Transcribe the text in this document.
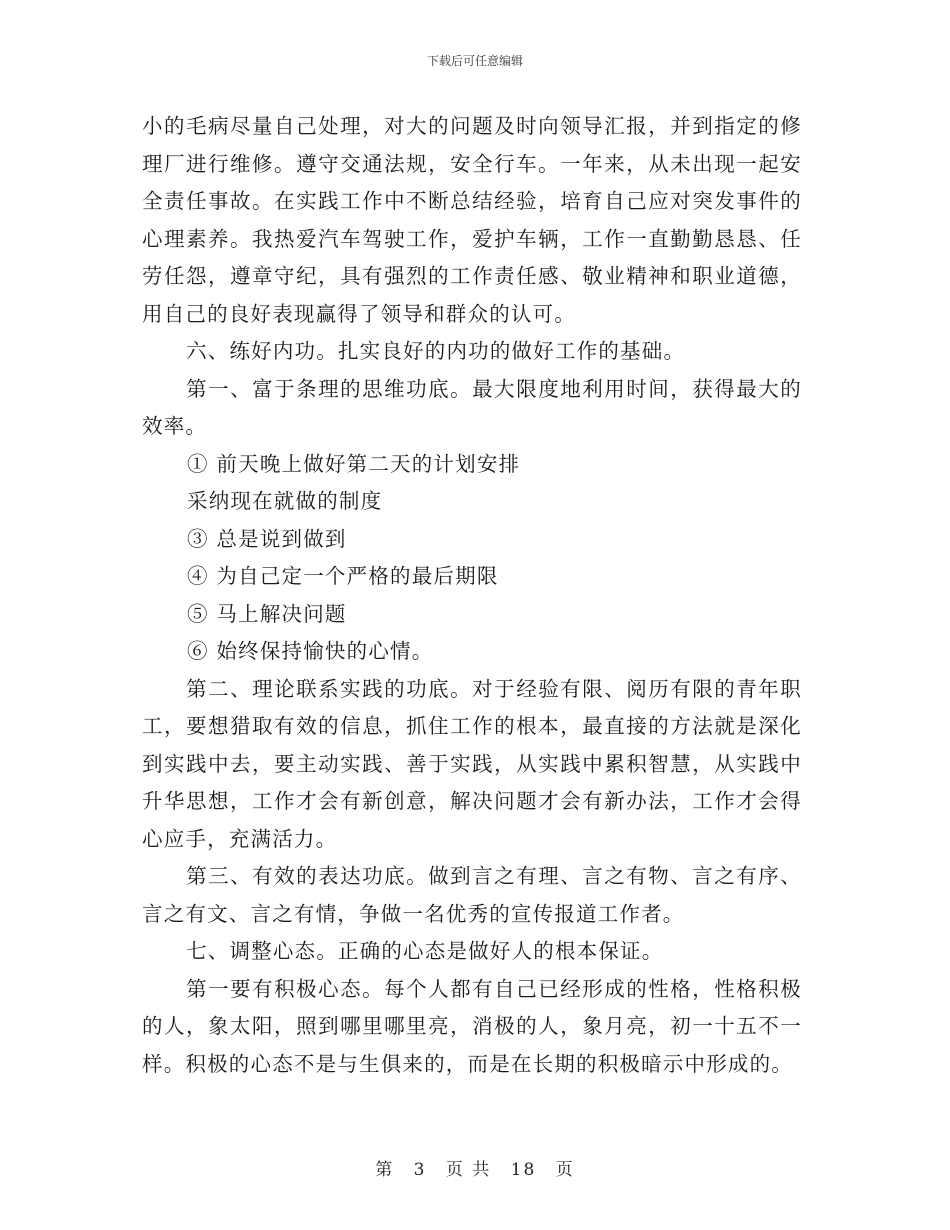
下载后可任意编辑

小的毛病尽量自己处理，对大的问题及时向领导汇报，并到指定的修理厂进行维修。遵守交通法规，安全行车。一年来，从未出现一起安全责任事故。在实践工作中不断总结经验，培育自己应对突发事件的心理素养。我热爱汽车驾驶工作，爱护车辆，工作一直勤勤恳恳、任劳任怨，遵章守纪，具有强烈的工作责任感、敬业精神和职业道德，用自己的良好表现赢得了领导和群众的认可。

六、练好内功。扎实良好的内功的做好工作的基础。

第一、富于条理的思维功底。最大限度地利用时间，获得最大的效率。

① 前天晚上做好第二天的计划安排

采纳现在就做的制度

③ 总是说到做到

④ 为自己定一个严格的最后期限

⑤ 马上解决问题

⑥ 始终保持愉快的心情。

第二、理论联系实践的功底。对于经验有限、阅历有限的青年职工，要想猎取有效的信息，抓住工作的根本，最直接的方法就是深化到实践中去，要主动实践、善于实践，从实践中累积智慧，从实践中升华思想，工作才会有新创意，解决问题才会有新办法，工作才会得心应手，充满活力。

第三、有效的表达功底。做到言之有理、言之有物、言之有序、言之有文、言之有情，争做一名优秀的宣传报道工作者。

七、调整心态。正确的心态是做好人的根本保证。

第一要有积极心态。每个人都有自己已经形成的性格，性格积极的人，象太阳，照到哪里哪里亮，消极的人，象月亮，初一十五不一样。积极的心态不是与生俱来的，而是在长期的积极暗示中形成的。

第 3 页 共 18 页
